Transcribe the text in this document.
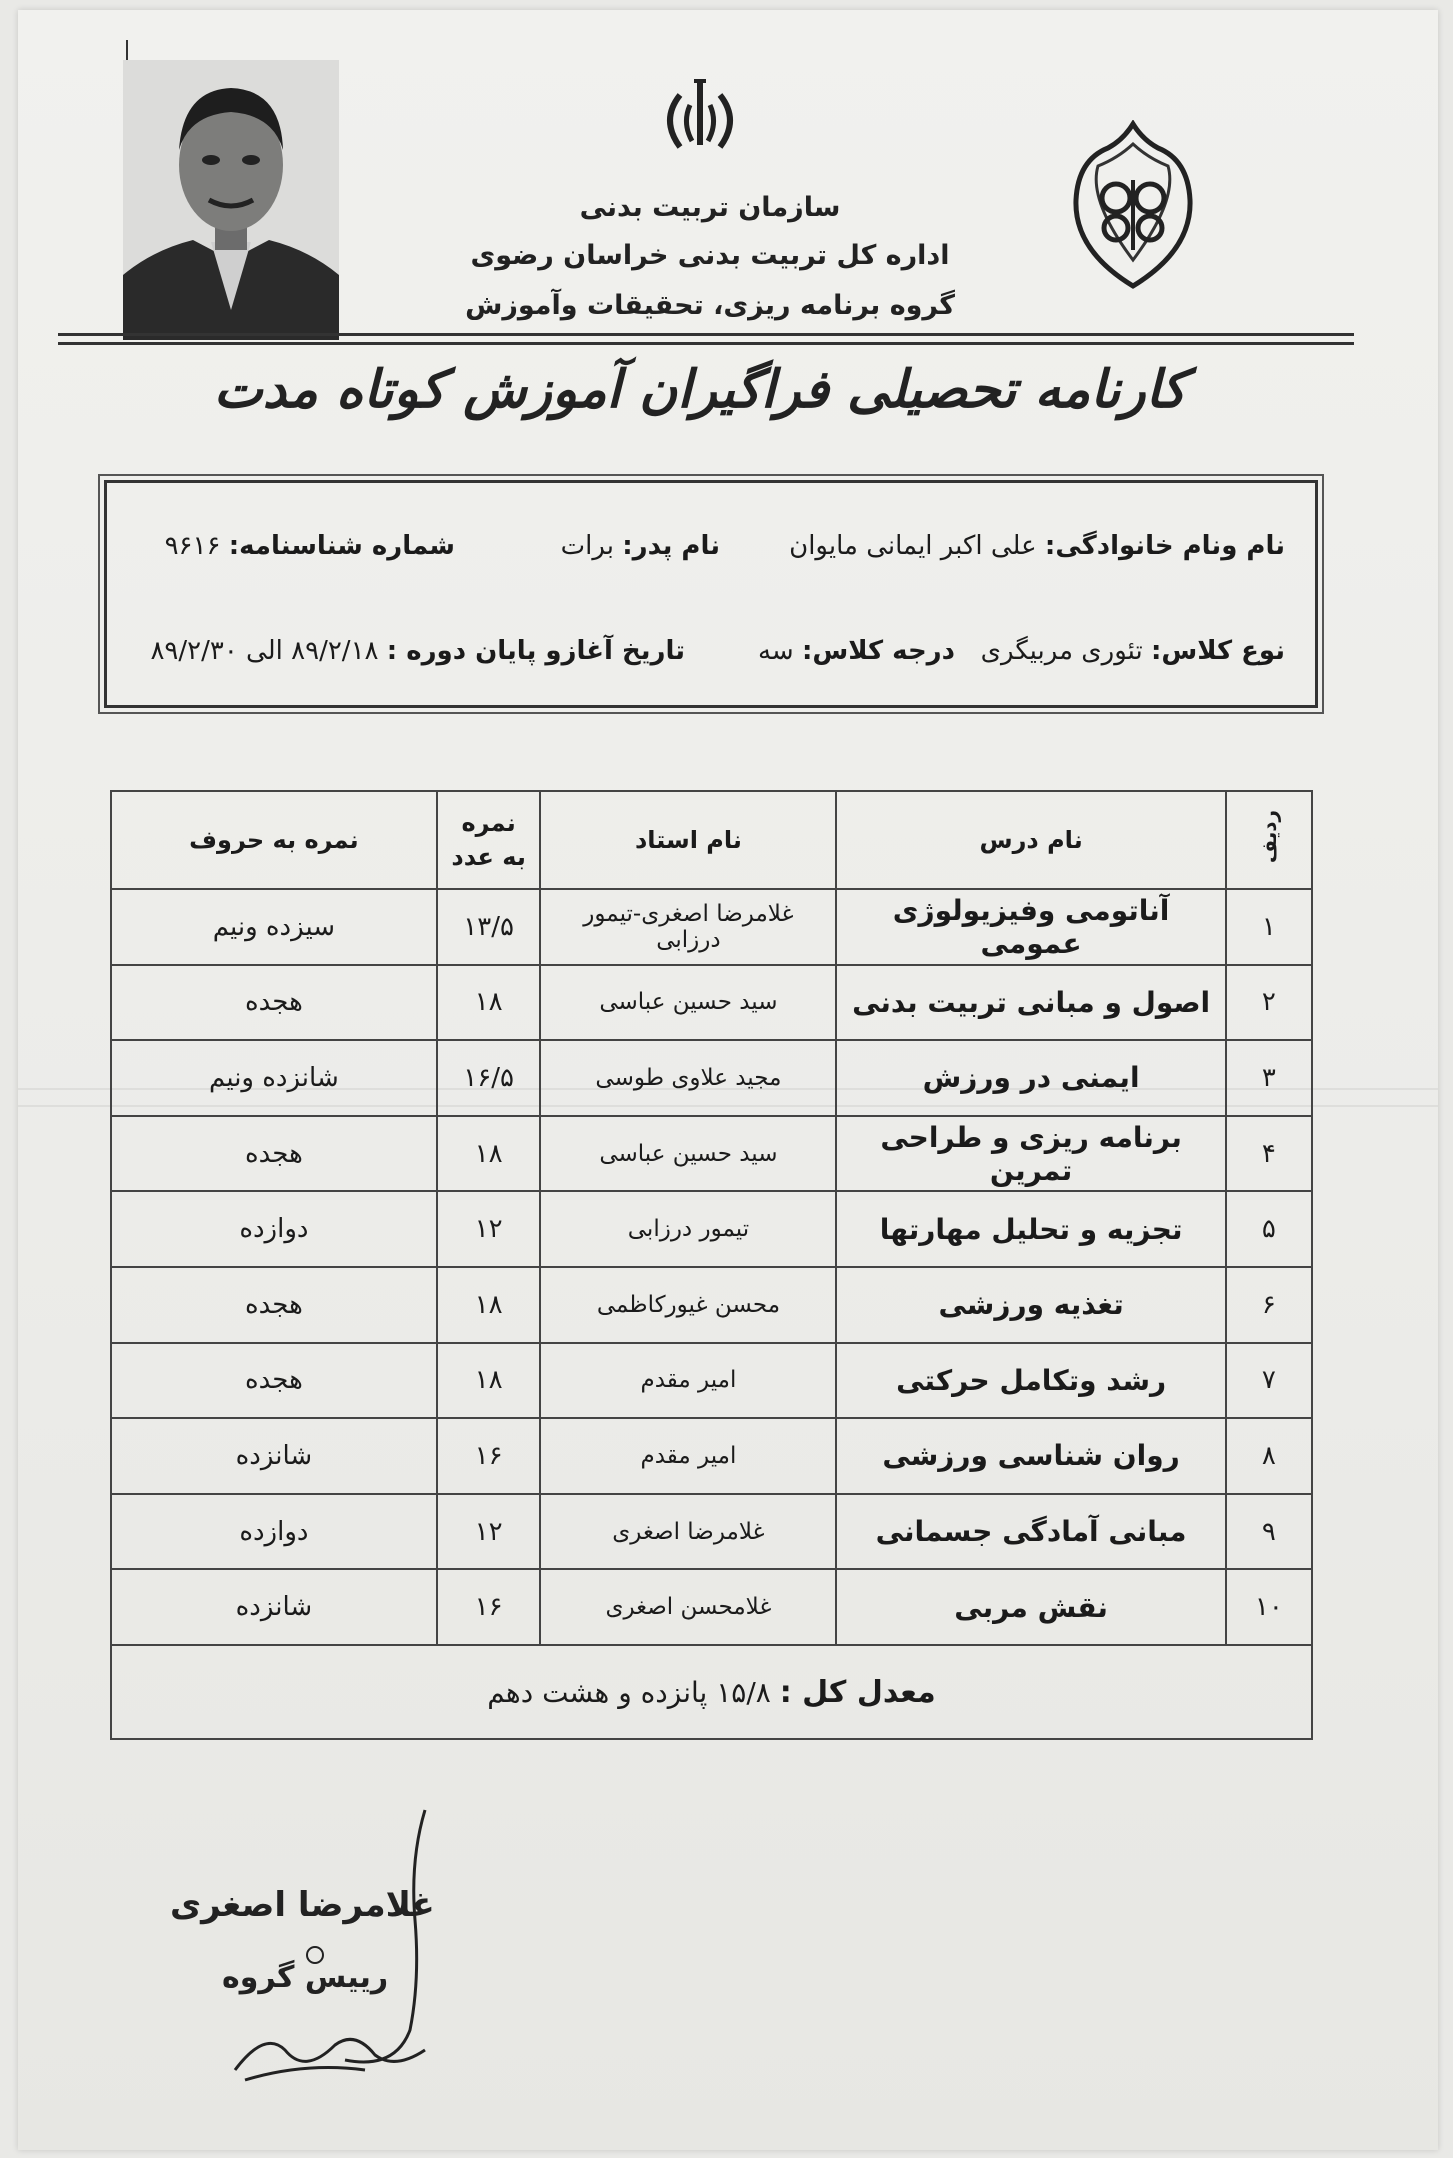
سازمان تربیت بدنی
اداره کل تربیت بدنی خراسان رضوی
گروه برنامه ریزی، تحقیقات وآموزش
کارنامه تحصیلی فراگیران آموزش کوتاه مدت
نام ونام خانوادگی: علی اکبر ایمانی مایوان
نام پدر: برات
شماره شناسنامه: ۹۶۱۶
نوع کلاس: تئوری مربیگری
درجه کلاس: سه
تاریخ آغازو پایان دوره : ۸۹/۲/۱۸ الی ۸۹/۲/۳۰
ردیف	نام درس	نام استاد	نمره به عدد	نمره به حروف
۱	آناتومی وفیزیولوژی عمومی	غلامرضا اصغری-تیمور درزابی	۱۳/۵	سیزده ونیم
۲	اصول و مبانی تربیت بدنی	سید حسین عباسی	۱۸	هجده
۳	ایمنی در ورزش	مجید علاوی طوسی	۱۶/۵	شانزده ونیم
۴	برنامه ریزی و طراحی تمرین	سید حسین عباسی	۱۸	هجده
۵	تجزیه و تحلیل مهارتها	تیمور درزابی	۱۲	دوازده
۶	تغذیه ورزشی	محسن غیورکاظمی	۱۸	هجده
۷	رشد وتکامل حرکتی	امیر مقدم	۱۸	هجده
۸	روان شناسی ورزشی	امیر مقدم	۱۶	شانزده
۹	مبانی آمادگی جسمانی	غلامرضا اصغری	۱۲	دوازده
۱۰	نقش مربی	غلامحسن اصغری	۱۶	شانزده
معدل کل : ۱۵/۸ پانزده و هشت دهم				
غلامرضا اصغری
رییس گروه
